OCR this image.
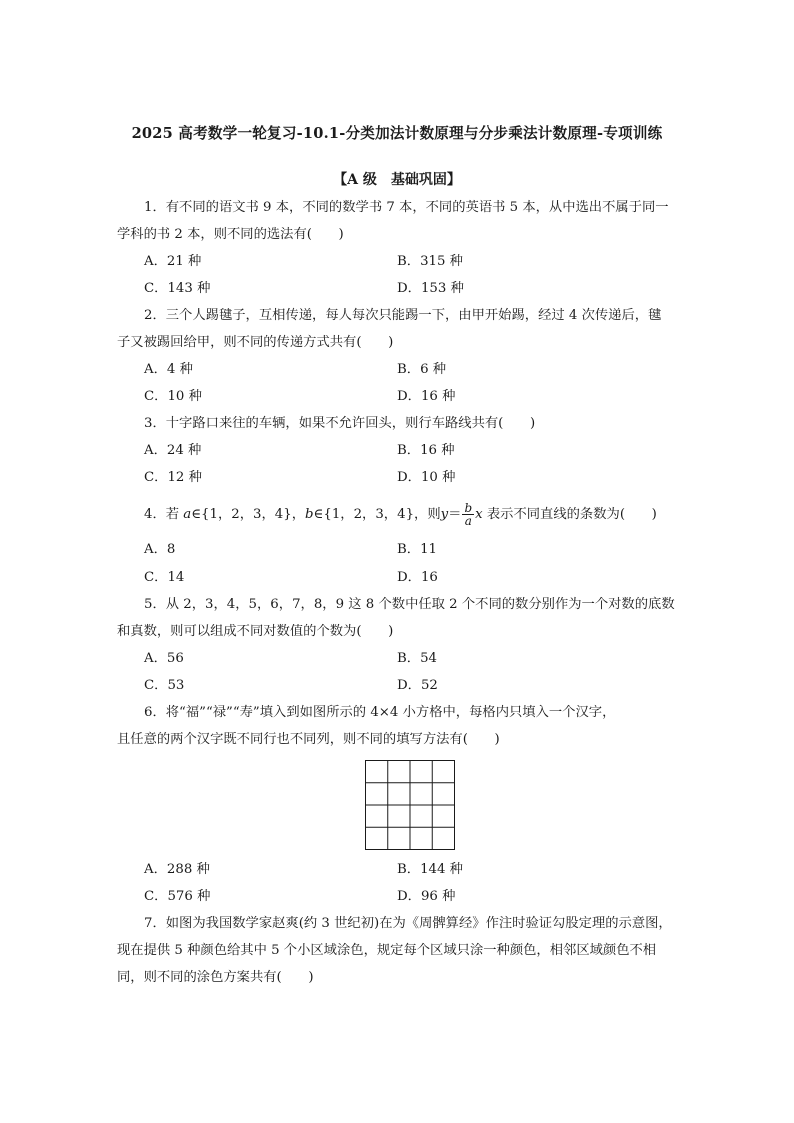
2025 高考数学一轮复习-10.1-分类加法计数原理与分步乘法计数原理-专项训练
【A 级　基础巩固】
1．有不同的语文书 9 本，不同的数学书 7 本，不同的英语书 5 本，从中选出不属于同一
学科的书 2 本，则不同的选法有(　　)
A．21 种	B．315 种
C．143 种	D．153 种
2．三个人踢毽子，互相传递，每人每次只能踢一下，由甲开始踢，经过 4 次传递后，毽
子又被踢回给甲，则不同的传递方式共有(　　)
A．4 种	B．6 种
C．10 种	D．16 种
3．十字路口来往的车辆，如果不允许回头，则行车路线共有(　　)
A．24 种	B．16 种
C．12 种	D．10 种
4．若 a∈{1，2，3，4}，b∈{1，2，3，4}，则$y= \frac{b}{a}$ x 表示不同直线的条数为(　　)
A．8	B．11
C．14	D．16
5．从 2，3，4，5，6，7，8，9 这 8 个数中任取 2 个不同的数分别作为一个对数的底数
和真数，则可以组成不同对数值的个数为(　　)
A．56	B．54
C．53	D．52
6．将“福”“禄”“寿”填入到如图所示的 4×4 小方格中，每格内只填入一个汉字，
且任意的两个汉字既不同行也不同列，则不同的填写方法有(　　)
A．288 种	B．144 种
C．576 种	D．96 种
7．如图为我国数学家赵爽(约 3 世纪初)在为《周髀算经》作注时验证勾股定理的示意图，
现在提供 5 种颜色给其中 5 个小区域涂色，规定每个区域只涂一种颜色，相邻区域颜色不相
同，则不同的涂色方案共有(　　)
